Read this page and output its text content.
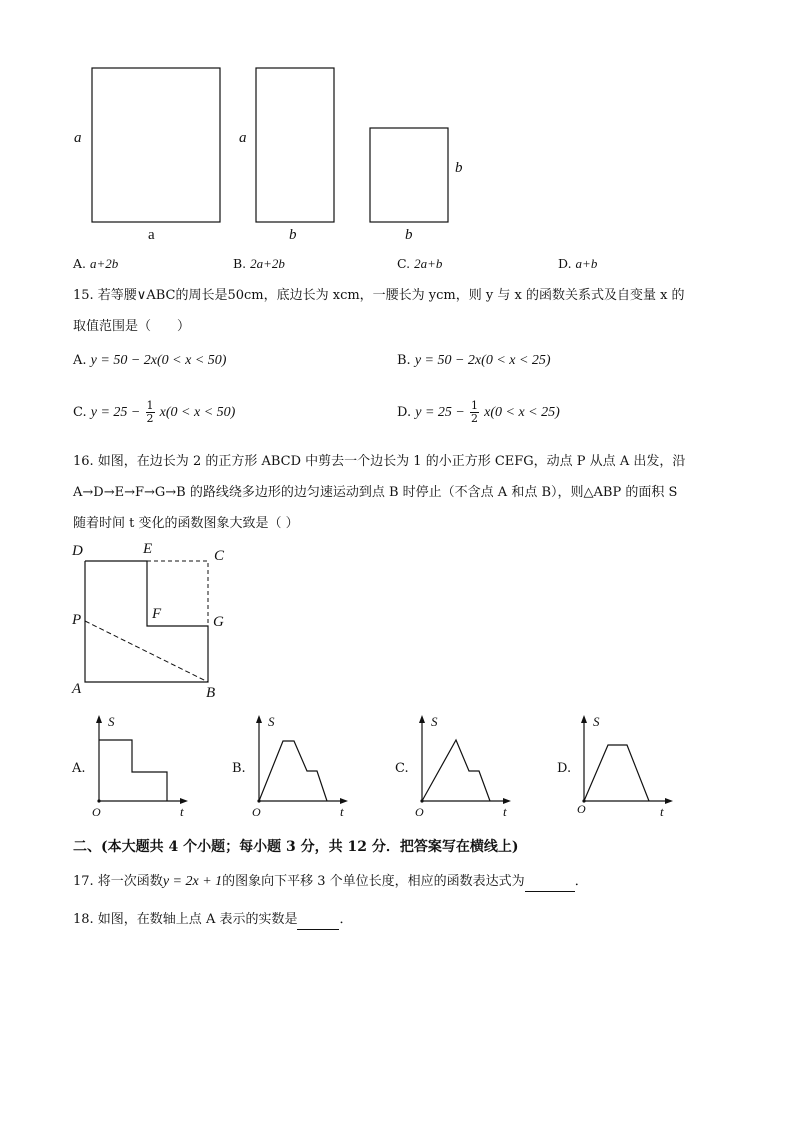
a
a
a
b
b
b
A. a+2b	B. 2a+2b	C. 2a+b	D. a+b
15. 若等腰∨ABC的周长是50cm，底边长为 xcm，一腰长为 ycm，则 y 与 x 的函数关系式及自变量 x 的
取值范围是（　　）
A. y = 50 − 2x(0 < x < 50)	B. y = 50 − 2x(0 < x < 25)
C. $y = 25 - \frac{1}{2} x(0 < x < 50)$	D. $y = 25 - \frac{1}{2} x(0 < x < 25)$
16. 如图，在边长为 2 的正方形 ABCD 中剪去一个边长为 1 的小正方形 CEFG，动点 P 从点 A 出发，沿
A→D→E→F→G→B 的路线绕多边形的边匀速运动到点 B 时停止（不含点 A 和点 B），则△ABP 的面积 S
随着时间 t 变化的函数图象大致是（ ）
D	E	C
F
P	G
A	B
A.
S
t
O
B.
S
t
O
C.
S
t
O
D.
S
t
O
二、(本大题共 4 个小题；每小题 3 分，共 12 分．把答案写在横线上)
17. 将一次函数y = 2x + 1的图象向下平移 3 个单位长度，相应的函数表达式为	．
18. 如图，在数轴上点 A 表示的实数是	．
